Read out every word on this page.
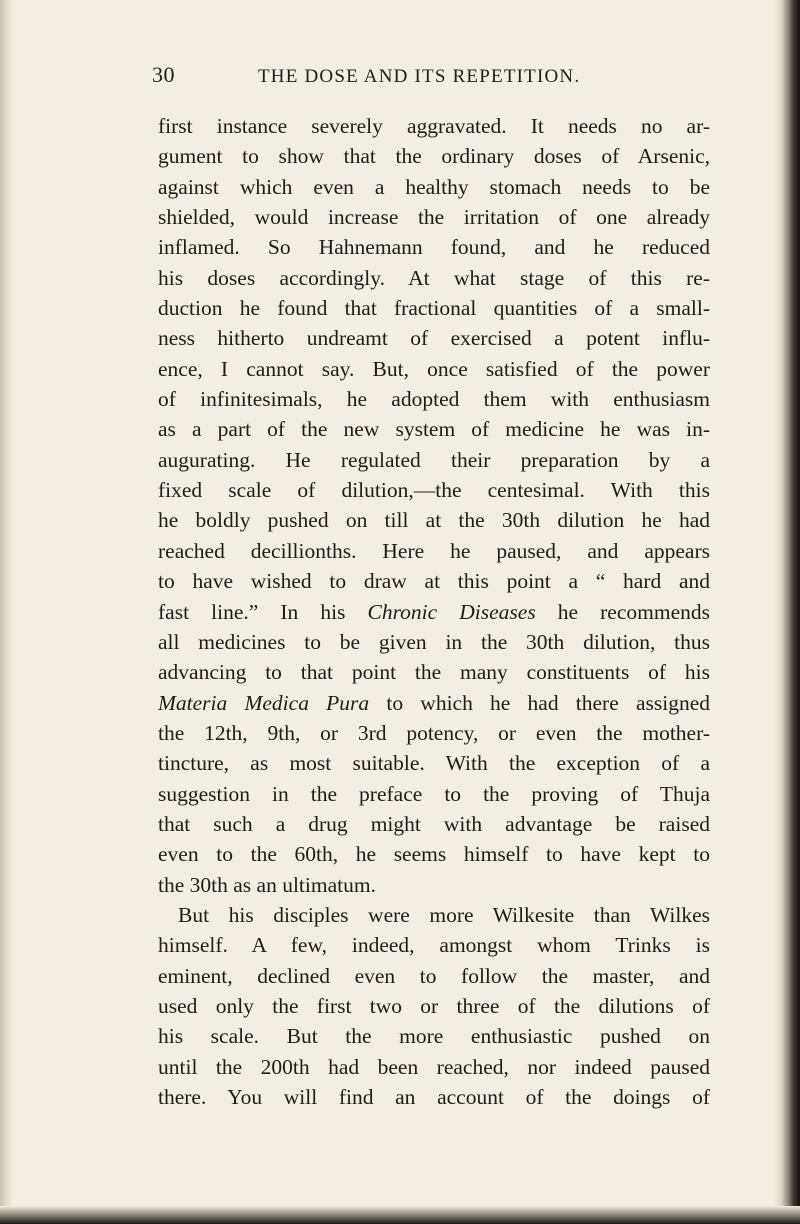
30	THE DOSE AND ITS REPETITION.
first instance severely aggravated. It needs no ar-
gument to show that the ordinary doses of Arsenic,
against which even a healthy stomach needs to be
shielded, would increase the irritation of one already
inflamed. So Hahnemann found, and he reduced
his doses accordingly. At what stage of this re-
duction he found that fractional quantities of a small-
ness hitherto undreamt of exercised a potent influ-
ence, I cannot say. But, once satisfied of the power
of infinitesimals, he adopted them with enthusiasm
as a part of the new system of medicine he was in-
augurating. He regulated their preparation by a
fixed scale of dilution,—the centesimal. With this
he boldly pushed on till at the 30th dilution he had
reached decillionths. Here he paused, and appears
to have wished to draw at this point a “ hard and
fast line.” In his Chronic Diseases he recommends
all medicines to be given in the 30th dilution, thus
advancing to that point the many constituents of his
Materia Medica Pura to which he had there assigned
the 12th, 9th, or 3rd potency, or even the mother-
tincture, as most suitable. With the exception of a
suggestion in the preface to the proving of Thuja
that such a drug might with advantage be raised
even to the 60th, he seems himself to have kept to
the 30th as an ultimatum.
But his disciples were more Wilkesite than Wilkes
himself. A few, indeed, amongst whom Trinks is
eminent, declined even to follow the master, and
used only the first two or three of the dilutions of
his scale. But the more enthusiastic pushed on
until the 200th had been reached, nor indeed paused
there. You will find an account of the doings of
